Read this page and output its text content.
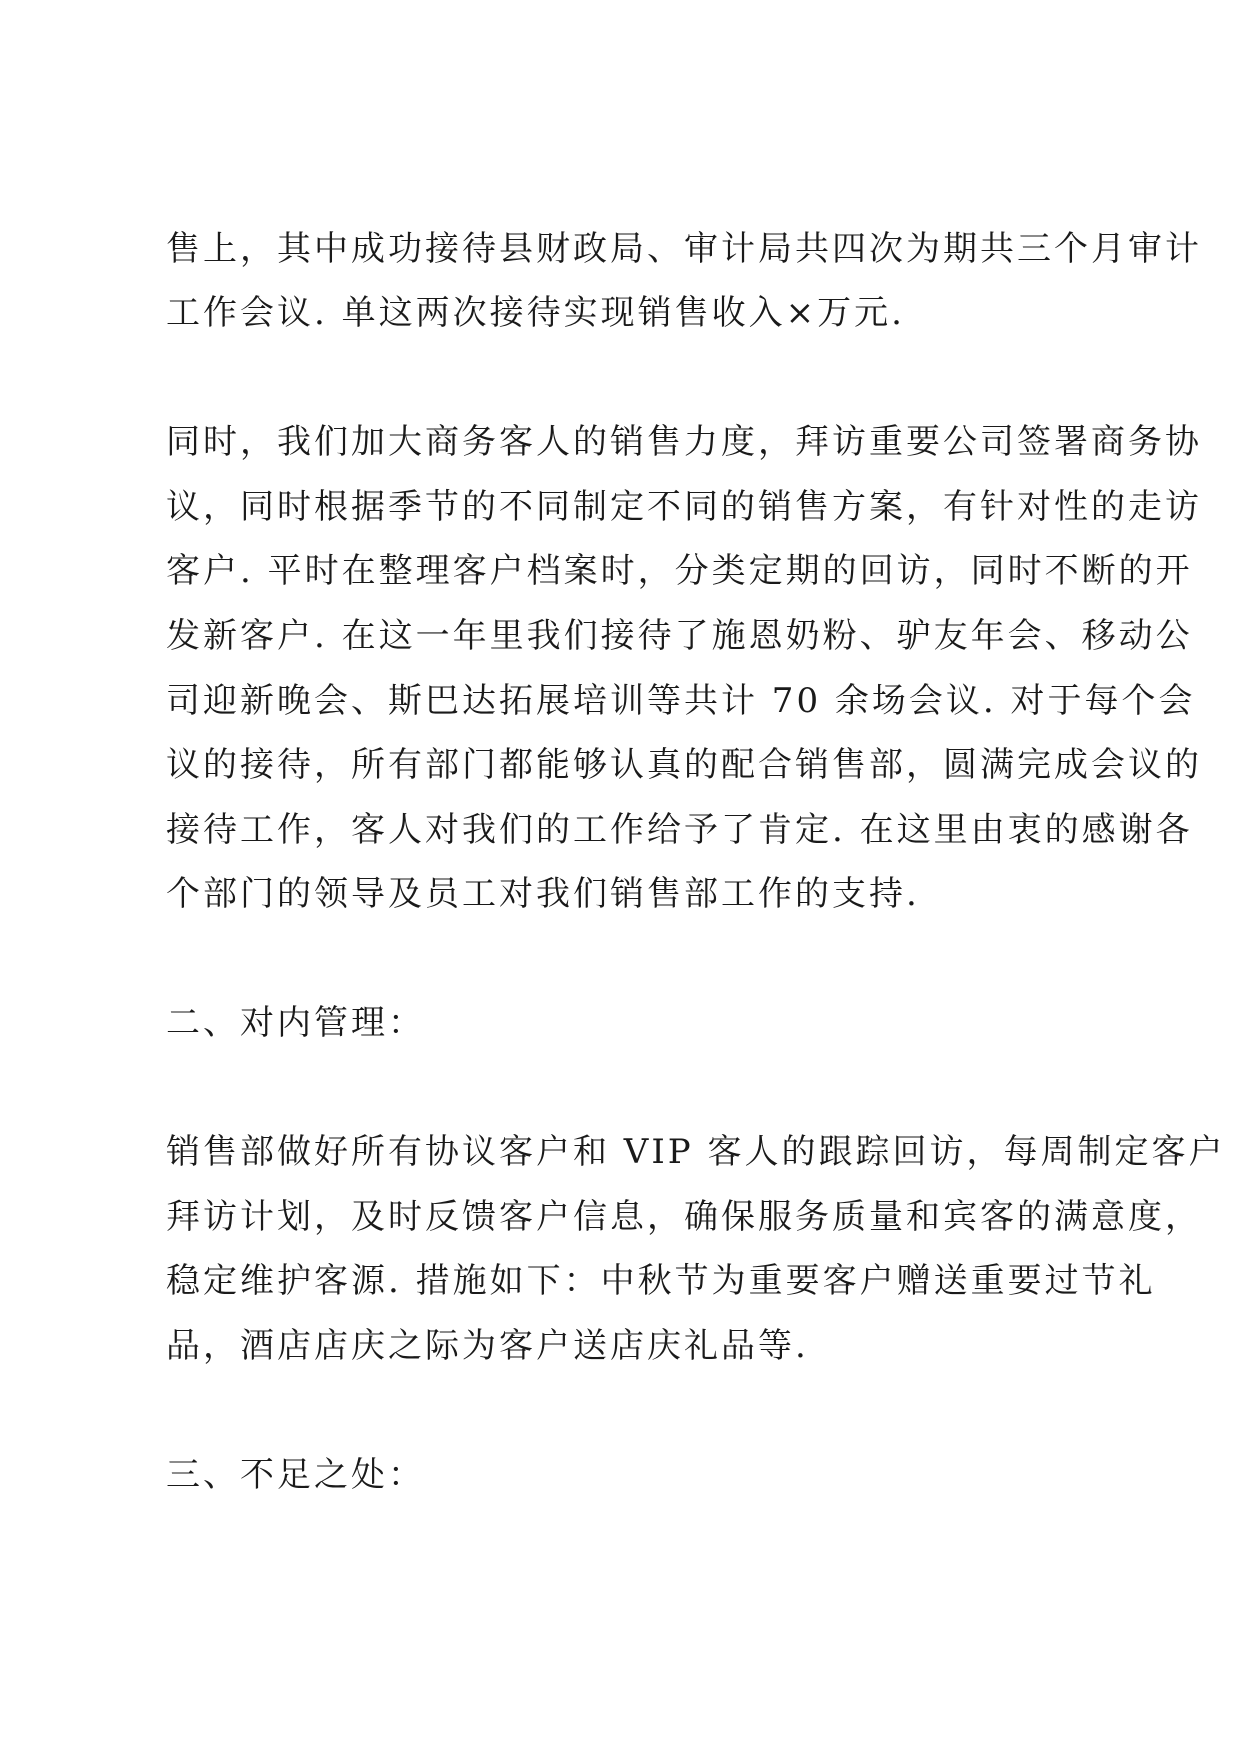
售上，其中成功接待县财政局、审计局共四次为期共三个月审计
工作会议. 单这两次接待实现销售收入×万元.
同时，我们加大商务客人的销售力度，拜访重要公司签署商务协
议，同时根据季节的不同制定不同的销售方案，有针对性的走访
客户. 平时在整理客户档案时，分类定期的回访，同时不断的开
发新客户. 在这一年里我们接待了施恩奶粉、驴友年会、移动公
司迎新晚会、斯巴达拓展培训等共计 70 余场会议. 对于每个会
议的接待，所有部门都能够认真的配合销售部，圆满完成会议的
接待工作，客人对我们的工作给予了肯定. 在这里由衷的感谢各
个部门的领导及员工对我们销售部工作的支持.
二、对内管理：
销售部做好所有协议客户和 VIP 客人的跟踪回访，每周制定客户
拜访计划，及时反馈客户信息，确保服务质量和宾客的满意度，
稳定维护客源. 措施如下：中秋节为重要客户赠送重要过节礼
品，酒店店庆之际为客户送店庆礼品等.
三、不足之处：
